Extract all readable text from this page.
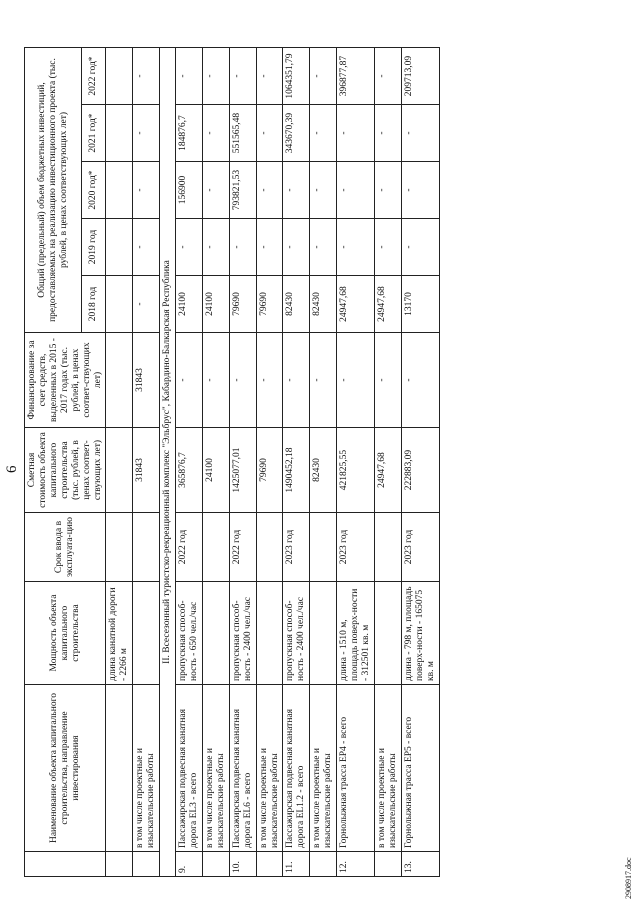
6
	Наименование объекта капитального строительства, направление инвестирования	Мощность объекта капитального строительства	Срок ввода в эксплуата-цию	Сметная стоимость объекта капитального строительства (тыс. рублей, в ценах соответ-ствующих лет)	Финансирование за счет средств, выделенных в 2015 - 2017 годах (тыс. рублей, в ценах соответ-ствующих лет)	Общий (предельный) объем бюджетных инвестиций, предоставляемых на реализацию инвестиционного проекта (тыс. рублей, в ценах соответствующих лет)				
						2018 год	2019 год	2020 год*	2021 год*	2022 год*
		длина канатной дороги - 2266 м								
	в том числе проектные и изыскательские работы			31843	31843	-	-	-	-	-
II. Всесезонный туристско-рекреационный комплекс "Эльбрус", Кабардино-Балкарская Республика										
9.	Пассажирская подвесная канатная дорога EL3 - всего	пропускная способ-ность - 650 чел./час	2022 год	365876,7	-	24100	-	156900	184876,7	-
	в том числе проектные и изыскательские работы			24100	-	24100	-	-	-	-
10.	Пассажирская подвесная канатная дорога EL6 - всего	пропускная способ-ность - 2400 чел./час	2022 год	1425077,01	-	79690	-	793821,53	551565,48	-
	в том числе проектные и изыскательские работы			79690	-	79690	-	-	-	-
11.	Пассажирская подвесная канатная дорога EL1.2 - всего	пропускная способ-ность - 2400 чел./час	2023 год	1490452,18	-	82430	-	-	343670,39	1064351,79
	в том числе проектные и изыскательские работы			82430	-	82430	-	-	-	-
12.	Горнолыжная трасса EP4 - всего	длина - 1510 м, площадь поверх-ности - 312501 кв. м	2023 год	421825,55	-	24947,68	-	-	-	396877,87
	в том числе проектные и изыскательские работы			24947,68	-	24947,68	-	-	-	-
13.	Горнолыжная трасса EP5 - всего	длина - 798 м, площадь поверх-ности - 165075 кв. м	2023 год	222883,09	-	13170	-	-	-	209713,09
2908917.doc
